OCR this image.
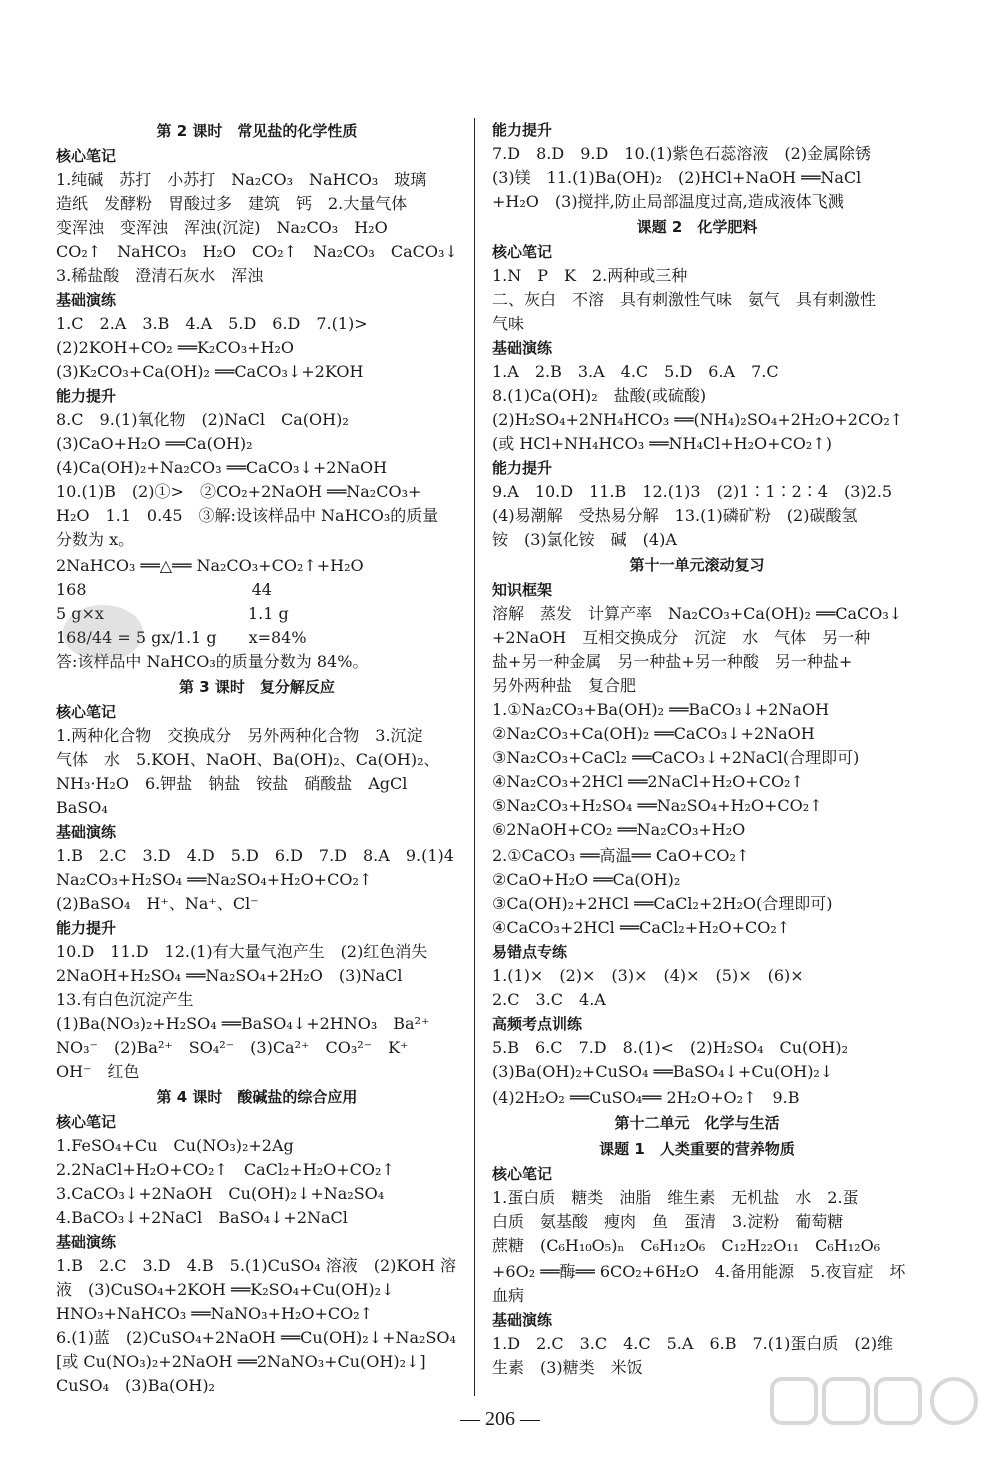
第 2 课时　常见盐的化学性质
核心笔记
1.纯碱　苏打　小苏打　Na₂CO₃　NaHCO₃　玻璃
造纸　发酵粉　胃酸过多　建筑　钙　2.大量气体
变浑浊　变浑浊　浑浊(沉淀)　Na₂CO₃　H₂O
CO₂↑　NaHCO₃　H₂O　CO₂↑　Na₂CO₃　CaCO₃↓
3.稀盐酸　澄清石灰水　浑浊
基础演练
1.C　2.A　3.B　4.A　5.D　6.D　7.(1)>
(2)2KOH+CO₂ ══K₂CO₃+H₂O
(3)K₂CO₃+Ca(OH)₂ ══CaCO₃↓+2KOH
能力提升
8.C　9.(1)氧化物　(2)NaCl　Ca(OH)₂
(3)CaO+H₂O ══Ca(OH)₂
(4)Ca(OH)₂+Na₂CO₃ ══CaCO₃↓+2NaOH
10.(1)B　(2)①>　②CO₂+2NaOH ══Na₂CO₃+
H₂O　1.1　0.45　③解:设该样品中 NaHCO₃的质量
分数为 x。
2NaHCO₃ ══△══ Na₂CO₃+CO₂↑+H₂O
168　　　　　　　　　　 44
5 g×x　　　　　　　　　1.1 g
168/44 = 5 gx/1.1 g　　x=84%
答:该样品中 NaHCO₃的质量分数为 84%。
第 3 课时　复分解反应
核心笔记
1.两种化合物　交换成分　另外两种化合物　3.沉淀
气体　水　5.KOH、NaOH、Ba(OH)₂、Ca(OH)₂、
NH₃·H₂O　6.钾盐　钠盐　铵盐　硝酸盐　AgCl
BaSO₄
基础演练
1.B　2.C　3.D　4.D　5.D　6.D　7.D　8.A　9.(1)4
Na₂CO₃+H₂SO₄ ══Na₂SO₄+H₂O+CO₂↑
(2)BaSO₄　H⁺、Na⁺、Cl⁻
能力提升
10.D　11.D　12.(1)有大量气泡产生　(2)红色消失
2NaOH+H₂SO₄ ══Na₂SO₄+2H₂O　(3)NaCl
13.有白色沉淀产生
(1)Ba(NO₃)₂+H₂SO₄ ══BaSO₄↓+2HNO₃　Ba²⁺
NO₃⁻　(2)Ba²⁺　SO₄²⁻　(3)Ca²⁺　CO₃²⁻　K⁺
OH⁻　红色
第 4 课时　酸碱盐的综合应用
核心笔记
1.FeSO₄+Cu　Cu(NO₃)₂+2Ag
2.2NaCl+H₂O+CO₂↑　CaCl₂+H₂O+CO₂↑
3.CaCO₃↓+2NaOH　Cu(OH)₂↓+Na₂SO₄
4.BaCO₃↓+2NaCl　BaSO₄↓+2NaCl
基础演练
1.B　2.C　3.D　4.B　5.(1)CuSO₄ 溶液　(2)KOH 溶
液　(3)CuSO₄+2KOH ══K₂SO₄+Cu(OH)₂↓
HNO₃+NaHCO₃ ══NaNO₃+H₂O+CO₂↑
6.(1)蓝　(2)CuSO₄+2NaOH ══Cu(OH)₂↓+Na₂SO₄
[或 Cu(NO₃)₂+2NaOH ══2NaNO₃+Cu(OH)₂↓]
CuSO₄　(3)Ba(OH)₂
能力提升
7.D　8.D　9.D　10.(1)紫色石蕊溶液　(2)金属除锈
(3)镁　11.(1)Ba(OH)₂　(2)HCl+NaOH ══NaCl
+H₂O　(3)搅拌,防止局部温度过高,造成液体飞溅
课题 2　化学肥料
核心笔记
1.N　P　K　2.两种或三种
二、灰白　不溶　具有刺激性气味　氨气　具有刺激性
气味
基础演练
1.A　2.B　3.A　4.C　5.D　6.A　7.C
8.(1)Ca(OH)₂　盐酸(或硫酸)
(2)H₂SO₄+2NH₄HCO₃ ══(NH₄)₂SO₄+2H₂O+2CO₂↑
(或 HCl+NH₄HCO₃ ══NH₄Cl+H₂O+CO₂↑)
能力提升
9.A　10.D　11.B　12.(1)3　(2)1∶1∶2∶4　(3)2.5
(4)易潮解　受热易分解　13.(1)磷矿粉　(2)碳酸氢
铵　(3)氯化铵　碱　(4)A
第十一单元滚动复习
知识框架
溶解　蒸发　计算产率　Na₂CO₃+Ca(OH)₂ ══CaCO₃↓
+2NaOH　互相交换成分　沉淀　水　气体　另一种
盐+另一种金属　另一种盐+另一种酸　另一种盐+
另外两种盐　复合肥
1.①Na₂CO₃+Ba(OH)₂ ══BaCO₃↓+2NaOH
②Na₂CO₃+Ca(OH)₂ ══CaCO₃↓+2NaOH
③Na₂CO₃+CaCl₂ ══CaCO₃↓+2NaCl(合理即可)
④Na₂CO₃+2HCl ══2NaCl+H₂O+CO₂↑
⑤Na₂CO₃+H₂SO₄ ══Na₂SO₄+H₂O+CO₂↑
⑥2NaOH+CO₂ ══Na₂CO₃+H₂O
2.①CaCO₃ ══高温══ CaO+CO₂↑
②CaO+H₂O ══Ca(OH)₂
③Ca(OH)₂+2HCl ══CaCl₂+2H₂O(合理即可)
④CaCO₃+2HCl ══CaCl₂+H₂O+CO₂↑
易错点专练
1.(1)×　(2)×　(3)×　(4)×　(5)×　(6)×
2.C　3.C　4.A
高频考点训练
5.B　6.C　7.D　8.(1)<　(2)H₂SO₄　Cu(OH)₂
(3)Ba(OH)₂+CuSO₄ ══BaSO₄↓+Cu(OH)₂↓
(4)2H₂O₂ ══CuSO₄══ 2H₂O+O₂↑　9.B
第十二单元　化学与生活
课题 1　人类重要的营养物质
核心笔记
1.蛋白质　糖类　油脂　维生素　无机盐　水　2.蛋
白质　氨基酸　瘦肉　鱼　蛋清　3.淀粉　葡萄糖
蔗糖　(C₆H₁₀O₅)ₙ　C₆H₁₂O₆　C₁₂H₂₂O₁₁　C₆H₁₂O₆
+6O₂ ══酶══ 6CO₂+6H₂O　4.备用能源　5.夜盲症　坏
血病
基础演练
1.D　2.C　3.C　4.C　5.A　6.B　7.(1)蛋白质　(2)维
生素　(3)糖类　米饭
— 206 —
